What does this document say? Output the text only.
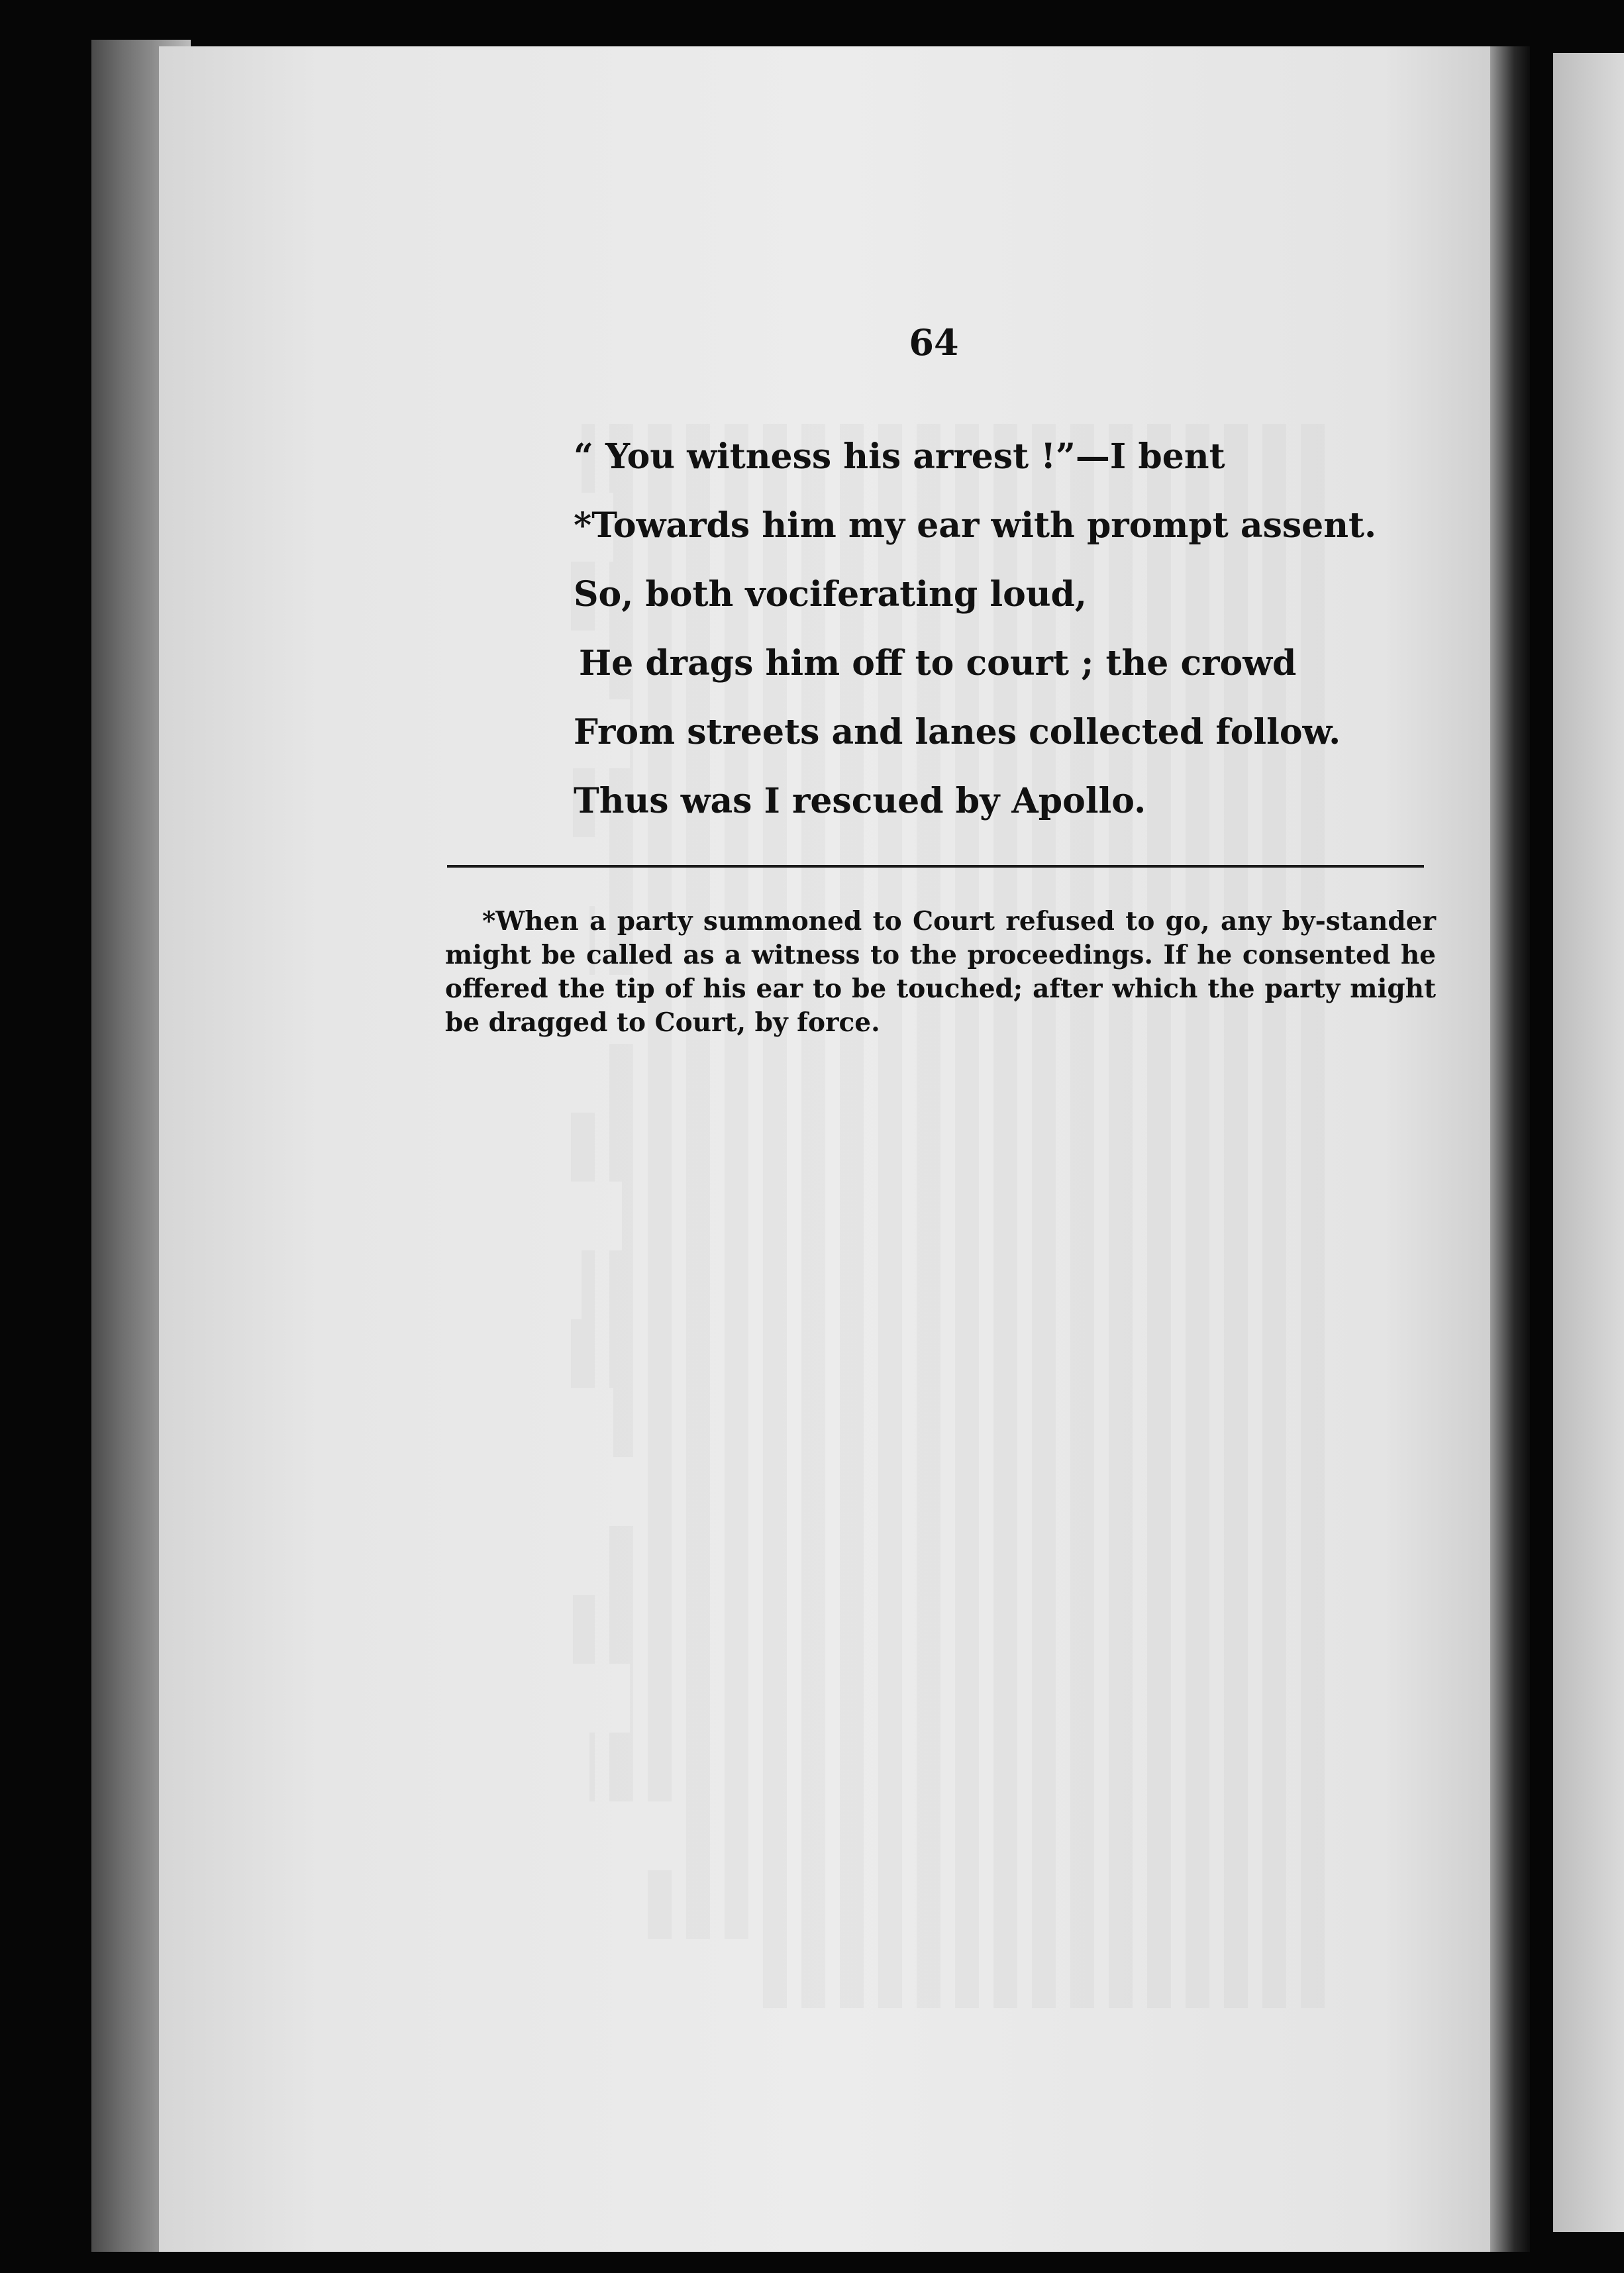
64
“ You witness his arrest !”—I bent
*Towards him my ear with prompt assent.
So, both vociferating loud,
He drags him off to court ; the crowd
From streets and lanes collected follow.
Thus was I rescued by Apollo.
*When a party summoned to Court refused to go, any by-stander might be called as a witness to the proceedings. If he consented he offered the tip of his ear to be touched; after which the party might be dragged to Court, by force.
